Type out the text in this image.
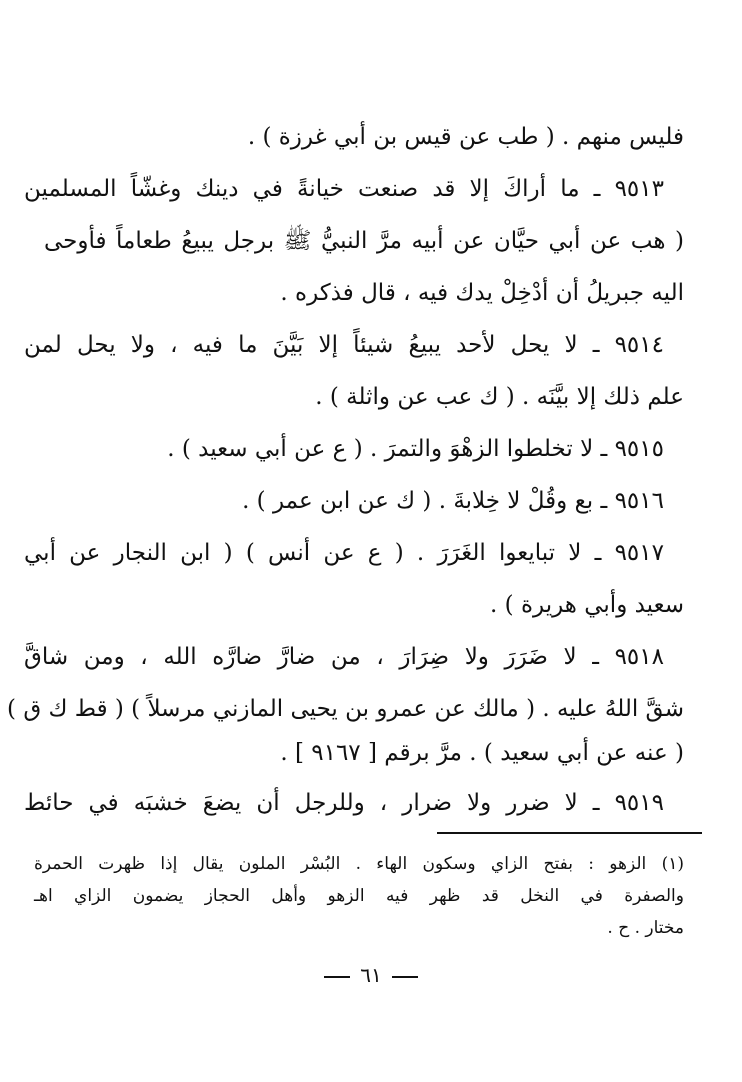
فليس منهم . ( طب عن قيس بن أبي غرزة ) .
٩٥١٣ ـ ما أراكَ إلا قد صنعت خيانةً في دينك وغشّاً المسلمين
( هب عن أبي حيَّان عن أبيه مرَّ النبيُّ ﷺ برجل يبيعُ طعاماً فأوحى
اليه جبريلُ أن أدْخِلْ يدك فيه ، قال فذكره .
٩٥١٤ ـ لا يحل لأحد يبيعُ شيئاً إلا بَيَّنَ ما فيه ، ولا يحل لمن
علم ذلك إلا بيَّنَه . ( ك عب عن واثلة ) .
٩٥١٥ ـ لا تخلطوا الزهْوَ والتمرَ . ( ع عن أبي سعيد ) .
٩٥١٦ ـ بع وقُلْ لا خِلابةَ . ( ك عن ابن عمر ) .
٩٥١٧ ـ لا تبايعوا الغَرَرَ . ( ع عن أنس ) ( ابن النجار عن أبي
سعيد وأبي هريرة ) .
٩٥١٨ ـ لا ضَرَرَ ولا ضِرَارَ ، من ضارَّ ضارَّه الله ، ومن شاقَّ
شقَّ اللهُ عليه . ( مالك عن عمرو بن يحيى المازني مرسلاً ) ( قط ك ق )
( عنه عن أبي سعيد ) . مرَّ برقم [ ٩١٦٧ ] .
٩٥١٩ ـ لا ضرر ولا ضرار ، وللرجل أن يضعَ خشبَه في حائط
(١) الزهو : بفتح الزاي وسكون الهاء . البُسْر الملون يقال إذا ظهرت الحمرة
والصفرة في النخل قد ظهر فيه الزهو وأهل الحجاز يضمون الزاي اهـ
مختار . ح .
٦١
